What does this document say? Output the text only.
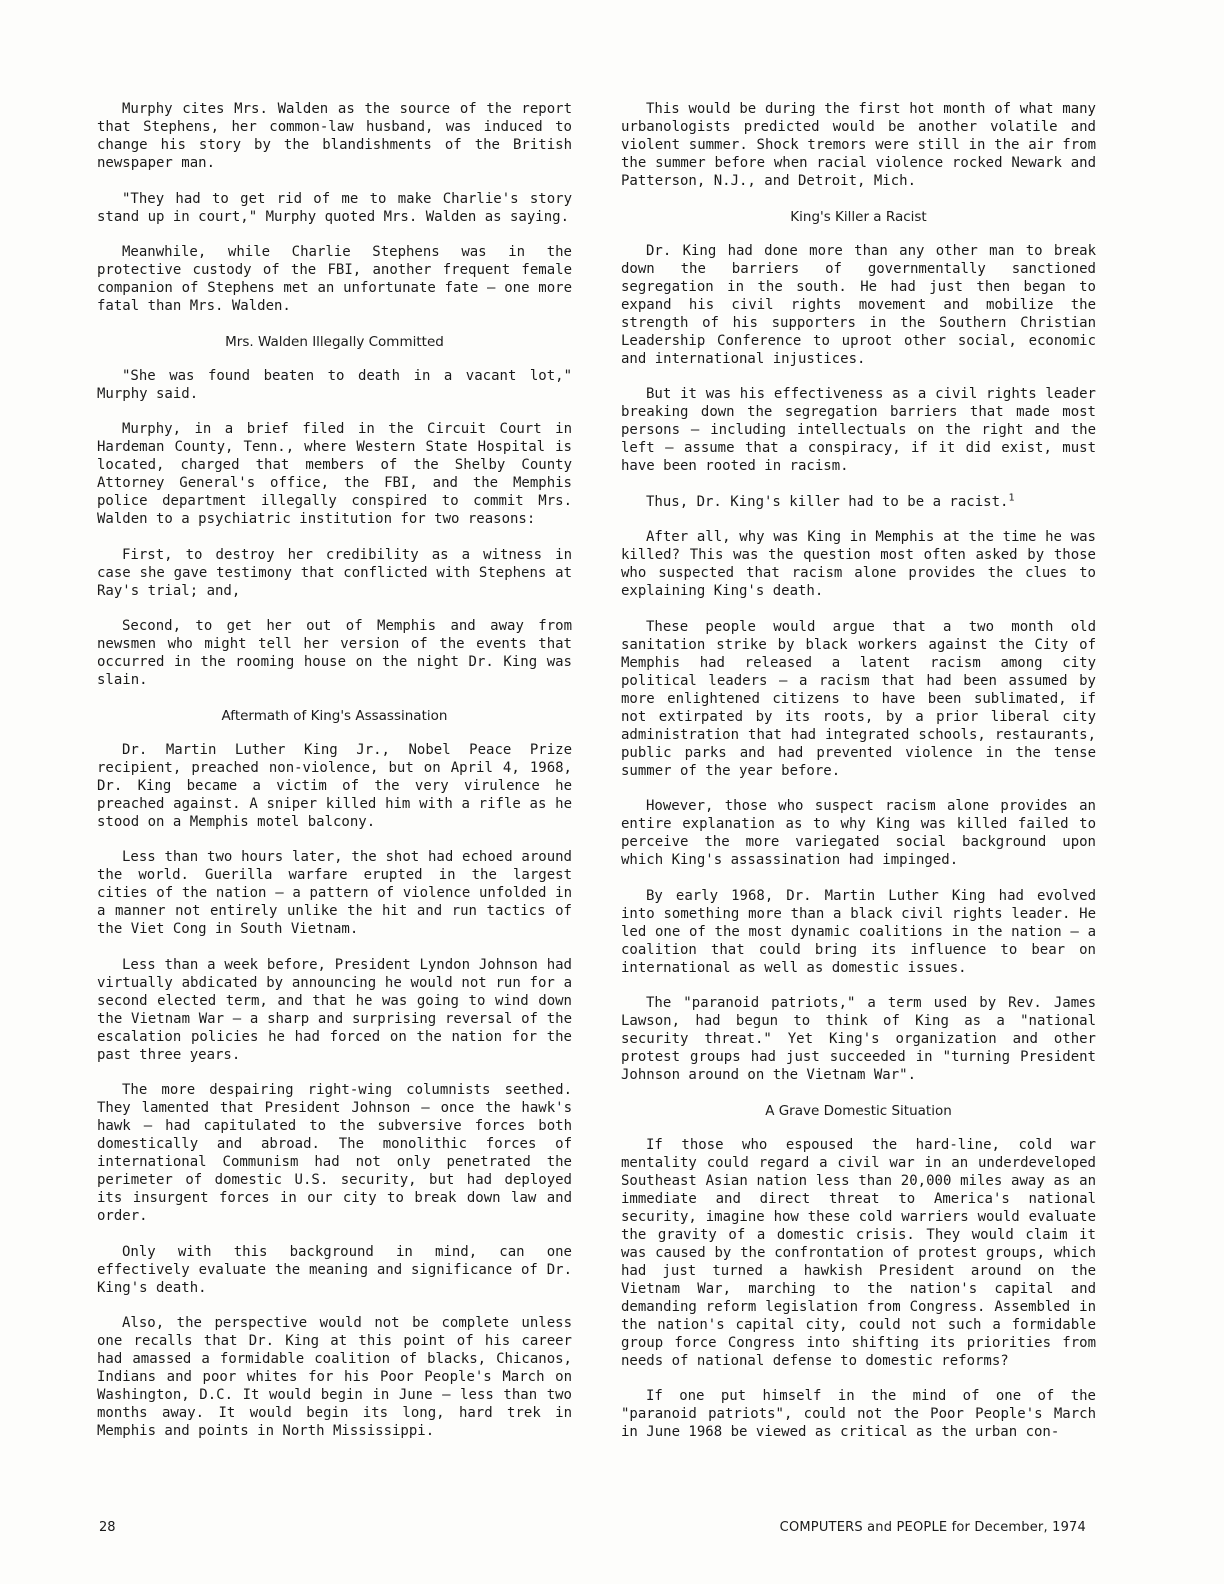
Murphy cites Mrs. Walden as the source of the report that Stephens, her common-law husband, was induced to change his story by the blandishments of the British newspaper man.

"They had to get rid of me to make Charlie's story stand up in court," Murphy quoted Mrs. Walden as saying.

Meanwhile, while Charlie Stephens was in the protective custody of the FBI, another frequent female companion of Stephens met an unfortunate fate — one more fatal than Mrs. Walden.

Mrs. Walden Illegally Committed

"She was found beaten to death in a vacant lot," Murphy said.

Murphy, in a brief filed in the Circuit Court in Hardeman County, Tenn., where Western State Hospital is located, charged that members of the Shelby County Attorney General's office, the FBI, and the Memphis police department illegally conspired to commit Mrs. Walden to a psychiatric institution for two reasons:

First, to destroy her credibility as a witness in case she gave testimony that conflicted with Stephens at Ray's trial; and,

Second, to get her out of Memphis and away from newsmen who might tell her version of the events that occurred in the rooming house on the night Dr. King was slain.

Aftermath of King's Assassination

Dr. Martin Luther King Jr., Nobel Peace Prize recipient, preached non-violence, but on April 4, 1968, Dr. King became a victim of the very virulence he preached against. A sniper killed him with a rifle as he stood on a Memphis motel balcony.

Less than two hours later, the shot had echoed around the world. Guerilla warfare erupted in the largest cities of the nation — a pattern of violence unfolded in a manner not entirely unlike the hit and run tactics of the Viet Cong in South Vietnam.

Less than a week before, President Lyndon Johnson had virtually abdicated by announcing he would not run for a second elected term, and that he was going to wind down the Vietnam War — a sharp and surprising reversal of the escalation policies he had forced on the nation for the past three years.

The more despairing right-wing columnists seethed. They lamented that President Johnson — once the hawk's hawk — had capitulated to the subversive forces both domestically and abroad. The monolithic forces of international Communism had not only penetrated the perimeter of domestic U.S. security, but had deployed its insurgent forces in our city to break down law and order.

Only with this background in mind, can one effectively evaluate the meaning and significance of Dr. King's death.

Also, the perspective would not be complete unless one recalls that Dr. King at this point of his career had amassed a formidable coalition of blacks, Chicanos, Indians and poor whites for his Poor People's March on Washington, D.C. It would begin in June — less than two months away. It would begin its long, hard trek in Memphis and points in North Mississippi.

This would be during the first hot month of what many urbanologists predicted would be another volatile and violent summer. Shock tremors were still in the air from the summer before when racial violence rocked Newark and Patterson, N.J., and Detroit, Mich.

King's Killer a Racist

Dr. King had done more than any other man to break down the barriers of governmentally sanctioned segregation in the south. He had just then began to expand his civil rights movement and mobilize the strength of his supporters in the Southern Christian Leadership Conference to uproot other social, economic and international injustices.

But it was his effectiveness as a civil rights leader breaking down the segregation barriers that made most persons — including intellectuals on the right and the left — assume that a conspiracy, if it did exist, must have been rooted in racism.

Thus, Dr. King's killer had to be a racist.$^1$

After all, why was King in Memphis at the time he was killed? This was the question most often asked by those who suspected that racism alone provides the clues to explaining King's death.

These people would argue that a two month old sanitation strike by black workers against the City of Memphis had released a latent racism among city political leaders — a racism that had been assumed by more enlightened citizens to have been sublimated, if not extirpated by its roots, by a prior liberal city administration that had integrated schools, restaurants, public parks and had prevented violence in the tense summer of the year before.

However, those who suspect racism alone provides an entire explanation as to why King was killed failed to perceive the more variegated social background upon which King's assassination had impinged.

By early 1968, Dr. Martin Luther King had evolved into something more than a black civil rights leader. He led one of the most dynamic coalitions in the nation — a coalition that could bring its influence to bear on international as well as domestic issues.

The "paranoid patriots," a term used by Rev. James Lawson, had begun to think of King as a "national security threat." Yet King's organization and other protest groups had just succeeded in "turning President Johnson around on the Vietnam War".

A Grave Domestic Situation

If those who espoused the hard-line, cold war mentality could regard a civil war in an underdeveloped Southeast Asian nation less than 20,000 miles away as an immediate and direct threat to America's national security, imagine how these cold warriers would evaluate the gravity of a domestic crisis. They would claim it was caused by the confrontation of protest groups, which had just turned a hawkish President around on the Vietnam War, marching to the nation's capital and demanding reform legislation from Congress. Assembled in the nation's capital city, could not such a formidable group force Congress into shifting its priorities from needs of national defense to domestic reforms?

If one put himself in the mind of one of the "paranoid patriots", could not the Poor People's March in June 1968 be viewed as critical as the urban con-

28	COMPUTERS and PEOPLE for December, 1974
